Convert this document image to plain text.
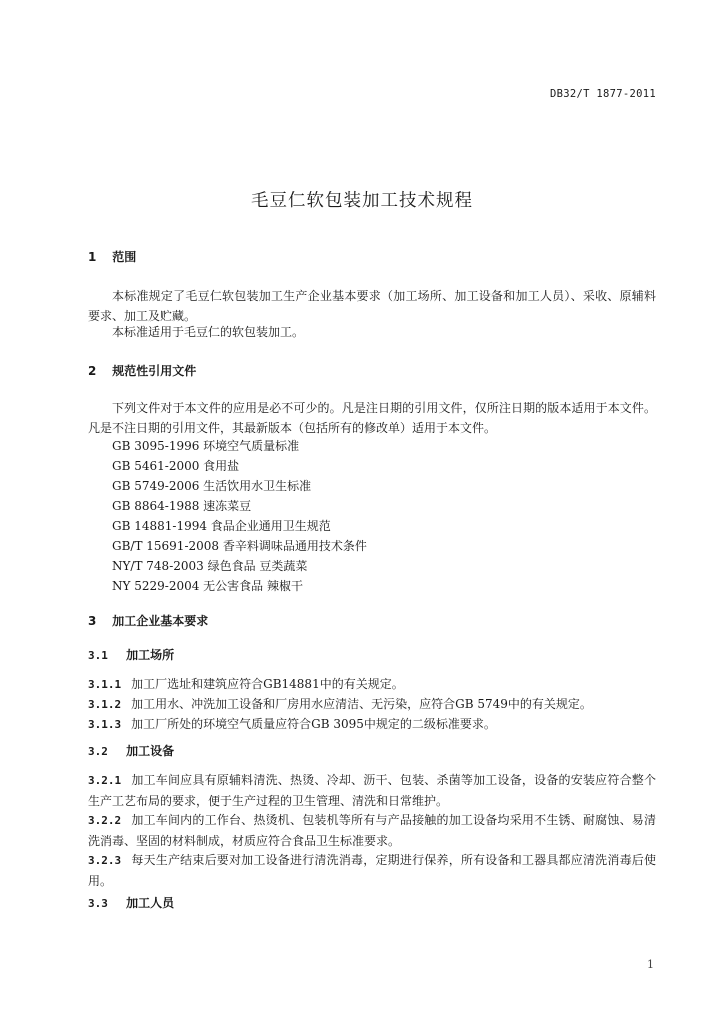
DB32/T 1877-2011
毛豆仁软包装加工技术规程
1 范围
本标准规定了毛豆仁软包装加工生产企业基本要求（加工场所、加工设备和加工人员）、采收、原辅料要求、加工及贮藏。
本标准适用于毛豆仁的软包装加工。
2 规范性引用文件
下列文件对于本文件的应用是必不可少的。凡是注日期的引用文件，仅所注日期的版本适用于本文件。凡是不注日期的引用文件，其最新版本（包括所有的修改单）适用于本文件。
GB 3095-1996 环境空气质量标准
GB 5461-2000 食用盐
GB 5749-2006 生活饮用水卫生标准
GB 8864-1988 速冻菜豆
GB 14881-1994 食品企业通用卫生规范
GB/T 15691-2008 香辛料调味品通用技术条件
NY/T 748-2003 绿色食品 豆类蔬菜
NY 5229-2004 无公害食品 辣椒干
3 加工企业基本要求
3.1 加工场所
3.1.1 加工厂选址和建筑应符合GB14881中的有关规定。
3.1.2 加工用水、冲洗加工设备和厂房用水应清洁、无污染，应符合GB 5749中的有关规定。
3.1.3 加工厂所处的环境空气质量应符合GB 3095中规定的二级标准要求。
3.2 加工设备
3.2.1 加工车间应具有原辅料清洗、热烫、冷却、沥干、包装、杀菌等加工设备，设备的安装应符合整个生产工艺布局的要求，便于生产过程的卫生管理、清洗和日常维护。
3.2.2 加工车间内的工作台、热烫机、包装机等所有与产品接触的加工设备均采用不生锈、耐腐蚀、易清洗消毒、坚固的材料制成，材质应符合食品卫生标准要求。
3.2.3 每天生产结束后要对加工设备进行清洗消毒，定期进行保养，所有设备和工器具都应清洗消毒后使用。
3.3 加工人员
1
